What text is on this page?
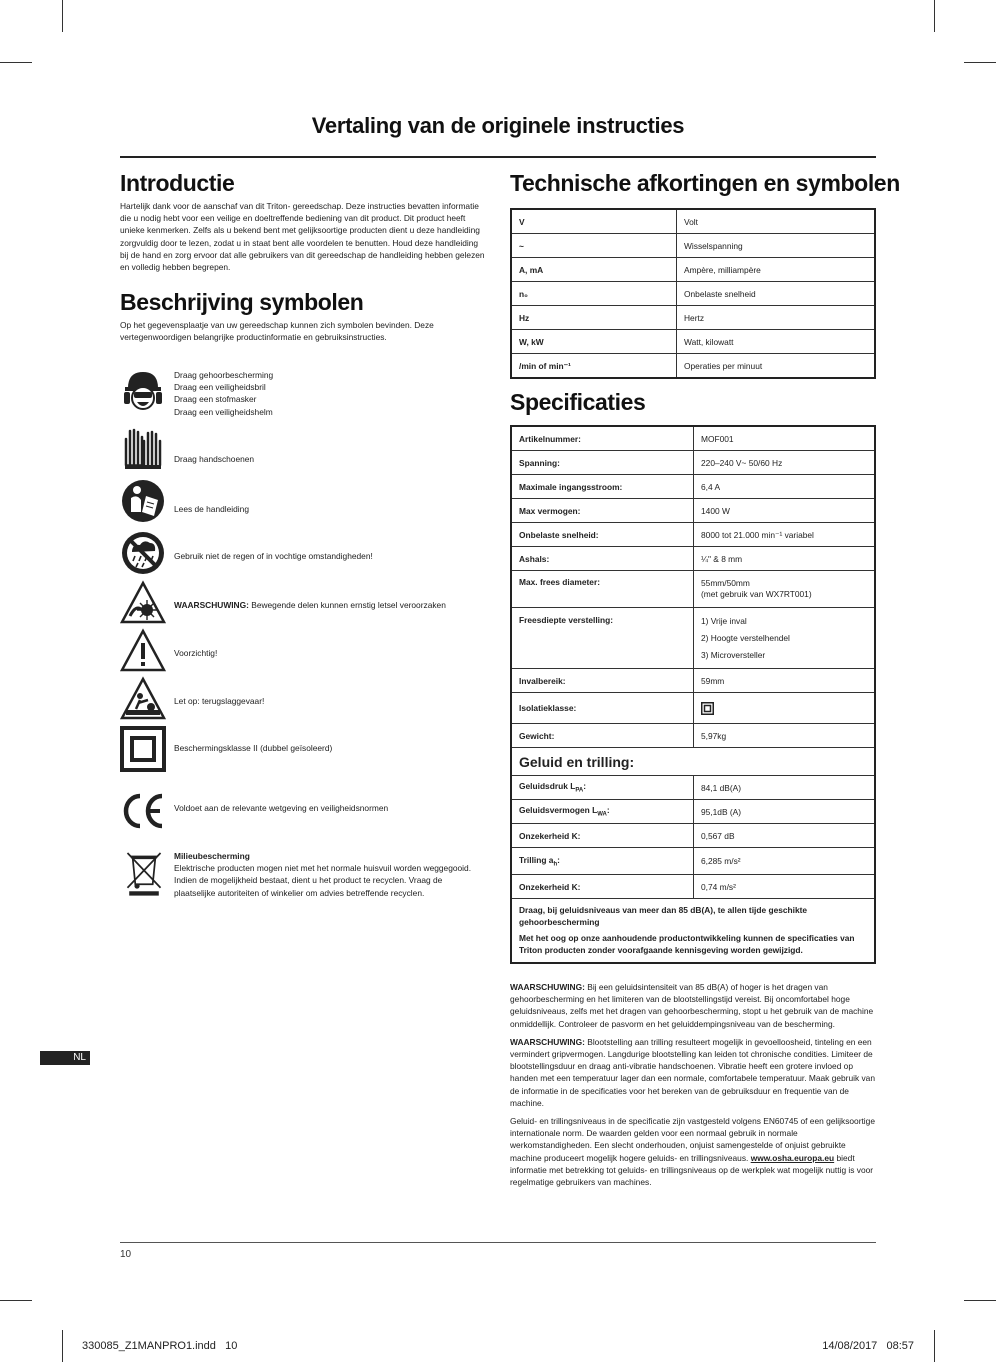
Vertaling van de originele instructies
Introductie

Hartelijk dank voor de aanschaf van dit Triton- gereedschap. Deze instructies bevatten informatie die u nodig hebt voor een veilige en doeltreffende bediening van dit product. Dit product heeft unieke kenmerken. Zelfs als u bekend bent met gelijksoortige producten dient u deze handleiding zorgvuldig door te lezen, zodat u in staat bent alle voordelen te benutten. Houd deze handleiding bij de hand en zorg ervoor dat alle gebruikers van dit gereedschap de handleiding hebben gelezen en volledig hebben begrepen.

Beschrijving symbolen

Op het gegevensplaatje van uw gereedschap kunnen zich symbolen bevinden. Deze vertegenwoordigen belangrijke productinformatie en gebruiksinstructies.

Draag gehoorbescherming
Draag een veiligheidsbril
Draag een stofmasker
Draag een veiligheidshelm
Draag handschoenen
Lees de handleiding
Gebruik niet de regen of in vochtige omstandigheden!
WAARSCHUWING: Bewegende delen kunnen ernstig letsel veroorzaken
Voorzichtig!
Let op: terugslaggevaar!
Beschermingsklasse II (dubbel geïsoleerd)
Voldoet aan de relevante wetgeving en veiligheidsnormen
Milieubescherming
Elektrische producten mogen niet met het normale huisvuil worden weggegooid. Indien de mogelijkheid bestaat, dient u het product te recyclen. Vraag de plaatselijke autoriteiten of winkelier om advies betreffende recyclen.
Technische afkortingen en symbolen
V	Volt
~	Wisselspanning
A, mA	Ampère, milliampère
n₀	Onbelaste snelheid
Hz	Hertz
W, kW	Watt, kilowatt
/min of min⁻¹	Operaties per minuut
Specificaties
Artikelnummer:	MOF001
Spanning:	220–240 V~ 50/60 Hz
Maximale ingangsstroom:	6,4 A
Max vermogen:	1400 W
Onbelaste snelheid:	8000 tot 21.000 min⁻¹ variabel
Ashals:	¼" & 8 mm
Max. frees diameter:	55mm/50mm
(met gebruik van WX7RT001)

Freesdiepte verstelling:	1) Vrije inval
2) Hoogte verstelhendel
3) Microversteller

Invalbereik:	59mm
Isolatieklasse:	

Gewicht:	5,97kg
Geluid en trilling:	
Geluidsdruk $L_{PA}$:	84,1 dB(A)
Geluidsvermogen $L_{WA}$:	95,1dB (A)
Onzekerheid K:	0,567 dB
Trilling $a_h$:	6,285 m/s²
Onzekerheid K:	0,74 m/s²

Draag, bij geluidsniveaus van meer dan 85 dB(A), te allen tijde geschikte gehoorbescherming
Met het oog op onze aanhoudende productontwikkeling kunnen de specificaties van Triton producten zonder voorafgaande kennisgeving worden gewijzigd.	

WAARSCHUWING: Bij een geluidsintensiteit van 85 dB(A) of hoger is het dragen van gehoorbescherming en het limiteren van de blootstellingstijd vereist. Bij oncomfortabel hoge geluidsniveaus, zelfs met het dragen van gehoorbescherming, stopt u het gebruik van de machine onmiddellijk. Controleer de pasvorm en het geluiddempingsniveau van de bescherming.

WAARSCHUWING: Blootstelling aan trilling resulteert mogelijk in gevoelloosheid, tinteling en een vermindert gripvermogen. Langdurige blootstelling kan leiden tot chronische condities. Limiteer de blootstellingsduur en draag anti-vibratie handschoenen. Vibratie heeft een grotere invloed op handen met een temperatuur lager dan een normale, comfortabele temperatuur. Maak gebruik van de informatie in de specificaties voor het bereken van de gebruiksduur en frequentie van de machine.

Geluid- en trillingsniveaus in de specificatie zijn vastgesteld volgens EN60745 of een gelijksoortige internationale norm. De waarden gelden voor een normaal gebruik in normale werkomstandigheden. Een slecht onderhouden, onjuist samengestelde of onjuist gebruikte machine produceert mogelijk hogere geluids- en trillingsniveaus. www.osha.europa.eu biedt informatie met betrekking tot geluids- en trillingsniveaus op de werkplek wat mogelijk nuttig is voor regelmatige gebruikers van machines.

NL
10
330085_Z1MANPRO1.indd   10	14/08/2017   08:57
